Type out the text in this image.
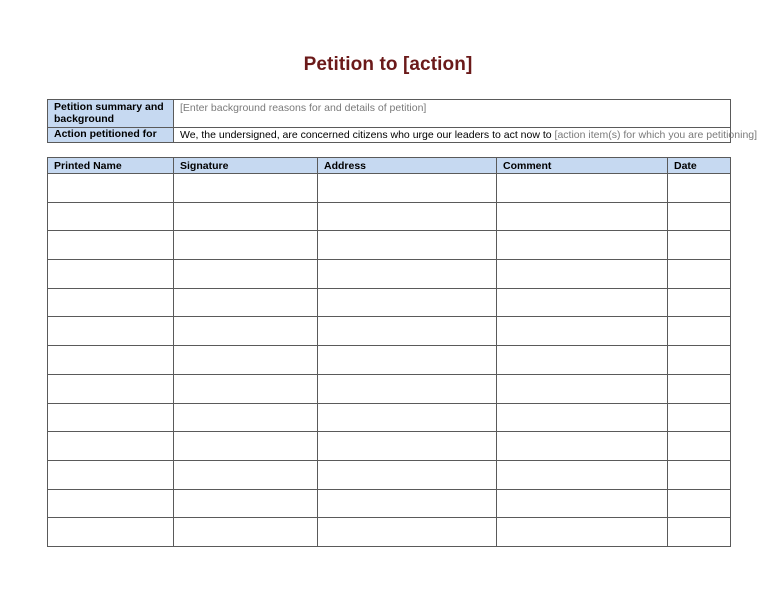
Petition to [action]
Petition summary and background	[Enter background reasons for and details of petition]
Action petitioned for	We, the undersigned, are concerned citizens who urge our leaders to act now to [action item(s) for which you are petitioning]
Printed Name	Signature	Address	Comment	Date
